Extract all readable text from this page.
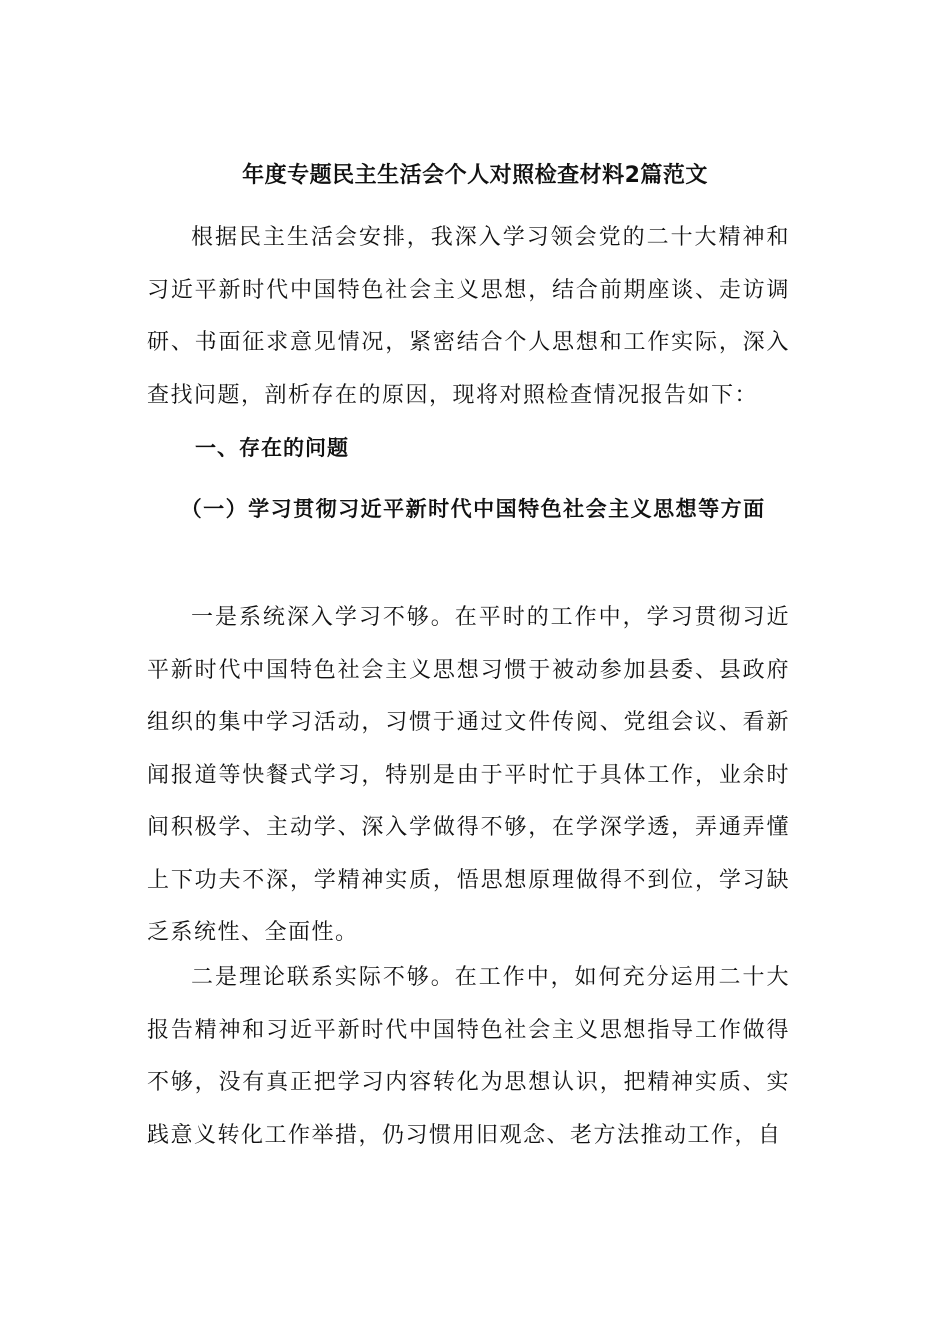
年度专题民主生活会个人对照检查材料2篇范文

根据民主生活会安排，我深入学习领会党的二十大精神和习近平新时代中国特色社会主义思想，结合前期座谈、走访调研、书面征求意见情况，紧密结合个人思想和工作实际，深入查找问题，剖析存在的原因，现将对照检查情况报告如下：

一、存在的问题

（一）学习贯彻习近平新时代中国特色社会主义思想等方面

一是系统深入学习不够。在平时的工作中，学习贯彻习近平新时代中国特色社会主义思想习惯于被动参加县委、县政府组织的集中学习活动，习惯于通过文件传阅、党组会议、看新闻报道等快餐式学习，特别是由于平时忙于具体工作，业余时间积极学、主动学、深入学做得不够，在学深学透，弄通弄懂上下功夫不深，学精神实质，悟思想原理做得不到位，学习缺乏系统性、全面性。

二是理论联系实际不够。在工作中，如何充分运用二十大报告精神和习近平新时代中国特色社会主义思想指导工作做得不够，没有真正把学习内容转化为思想认识，把精神实质、实践意义转化工作举措，仍习惯用旧观念、老方法推动工作，自
